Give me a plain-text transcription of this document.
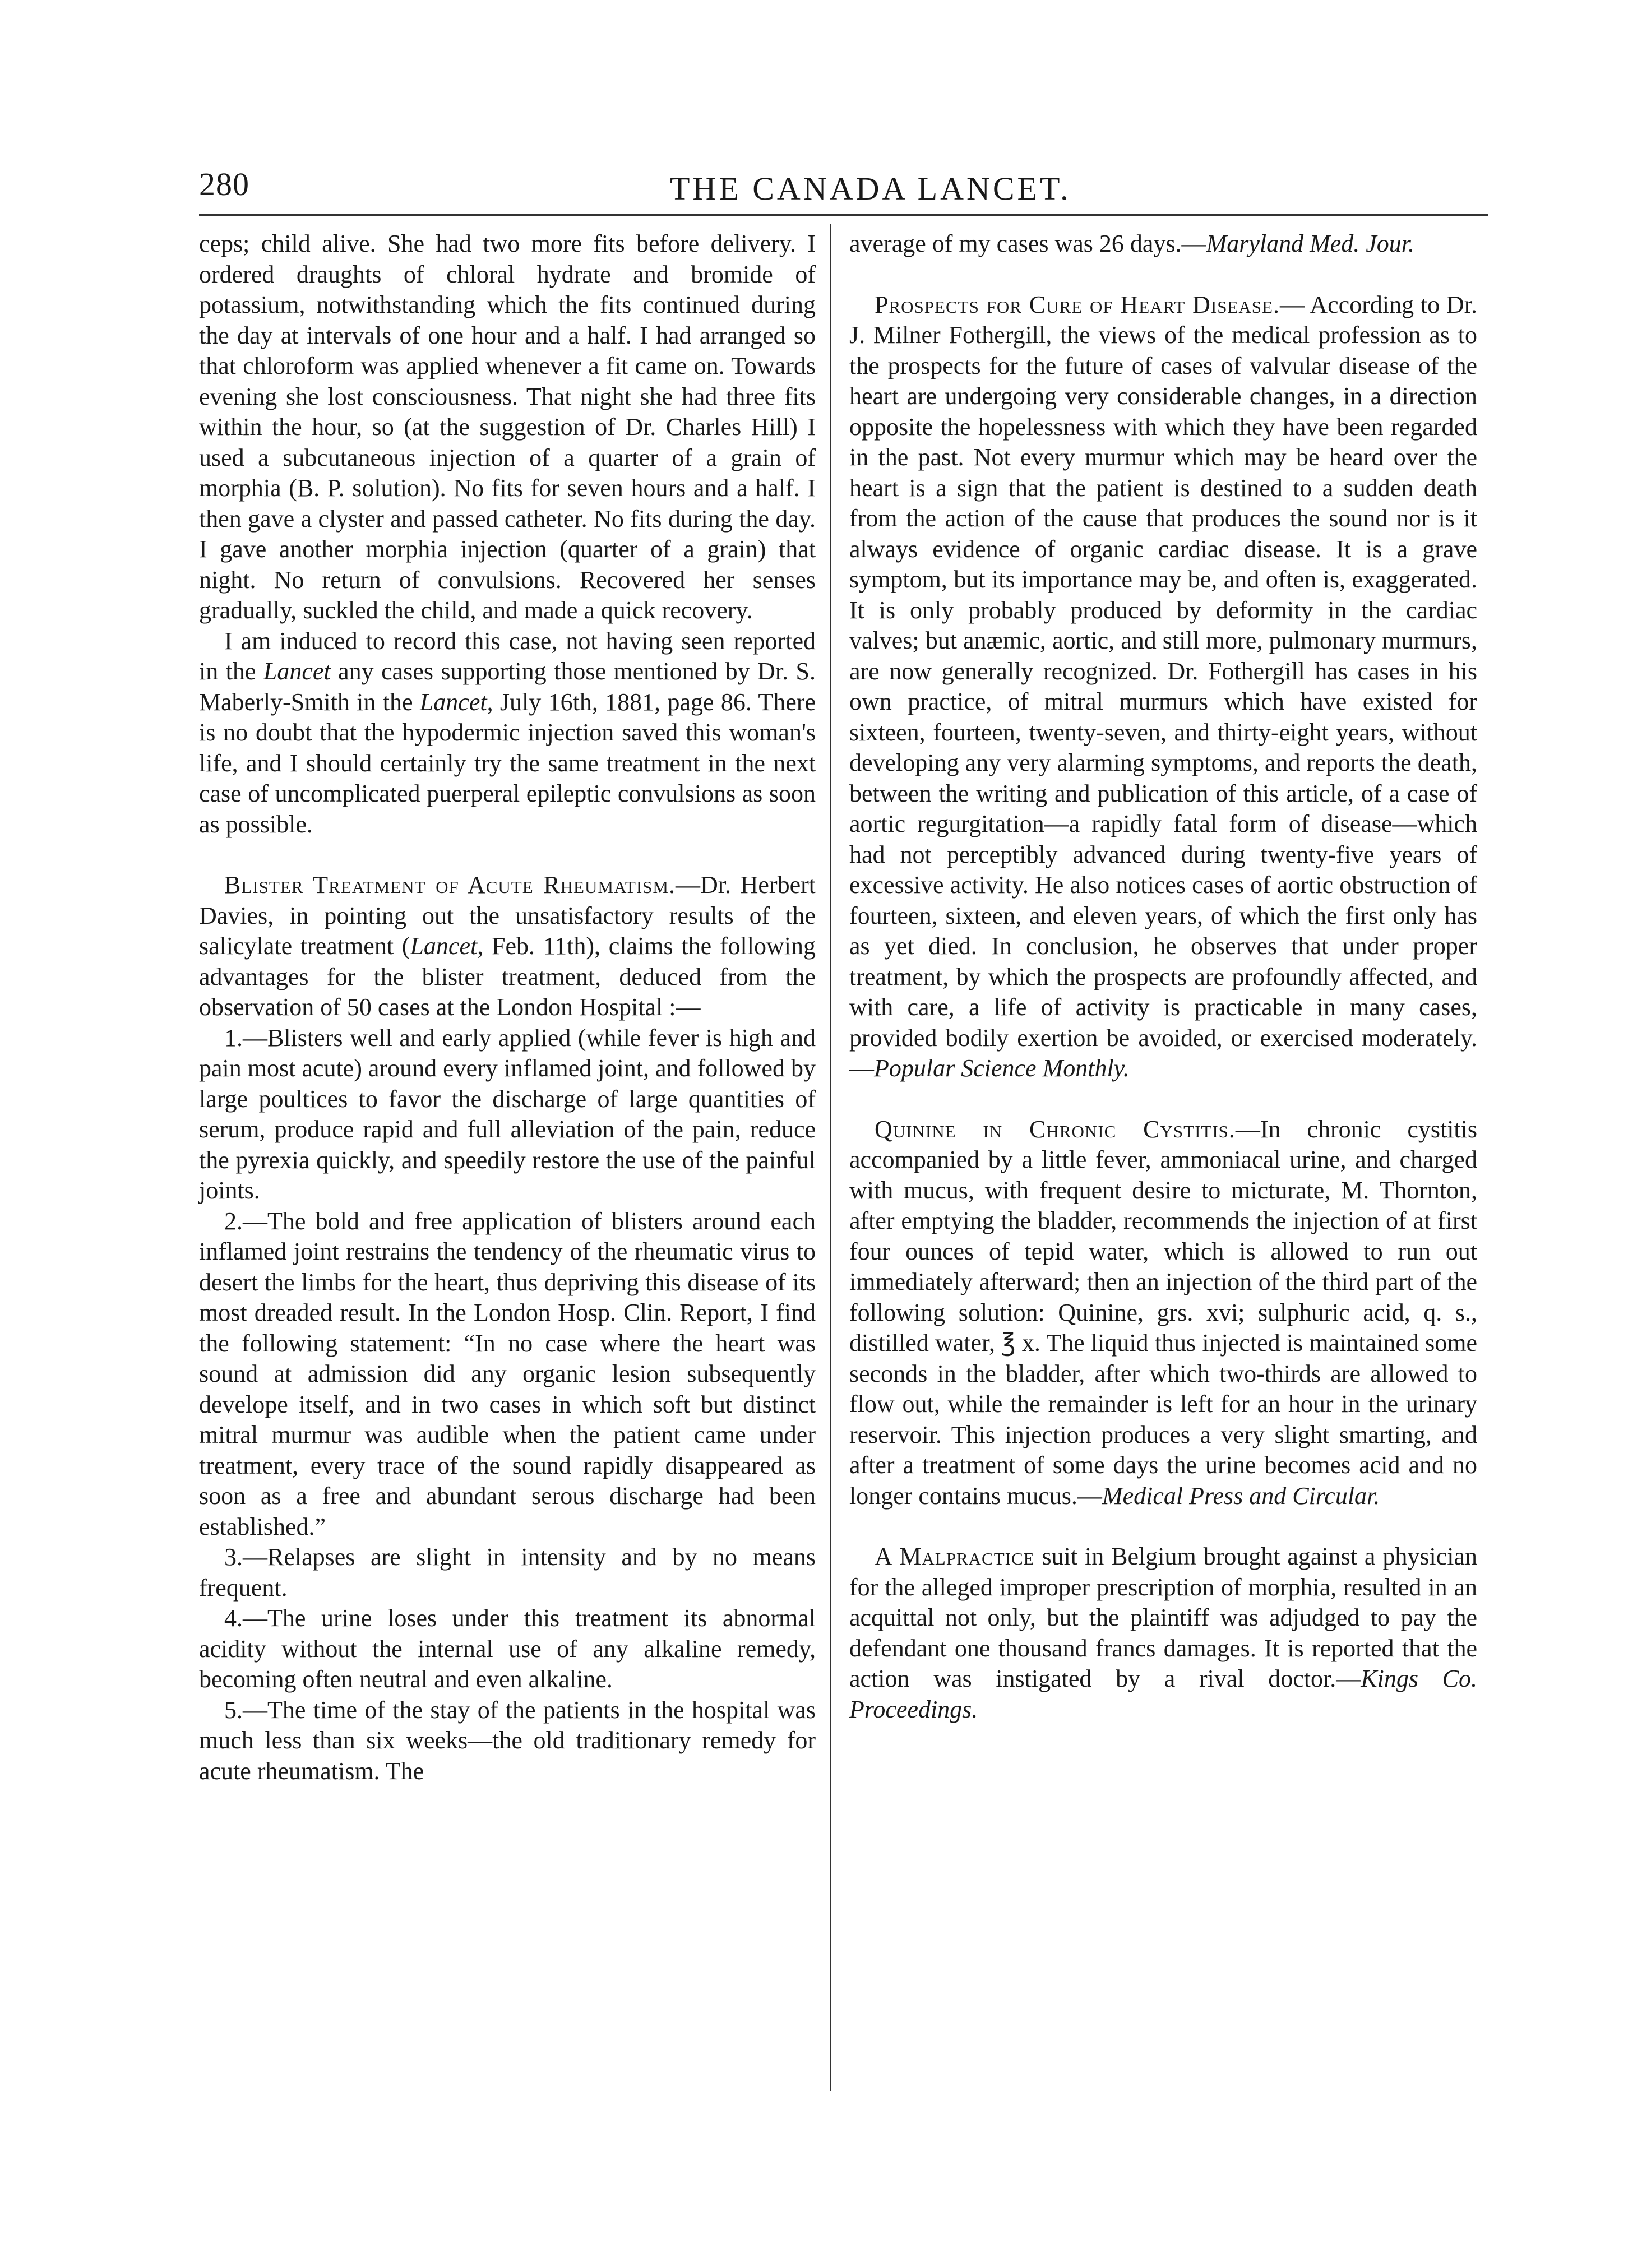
280	THE CANADA LANCET.

ceps; child alive. She had two more fits before delivery. I ordered draughts of chloral hydrate and bromide of potassium, notwithstanding which the fits continued during the day at intervals of one hour and a half. I had arranged so that chloroform was applied whenever a fit came on. Towards evening she lost consciousness. That night she had three fits within the hour, so (at the suggestion of Dr. Charles Hill) I used a subcutaneous injection of a quarter of a grain of morphia (B. P. solution). No fits for seven hours and a half. I then gave a clyster and passed catheter. No fits during the day. I gave another morphia injection (quarter of a grain) that night. No return of convulsions. Recovered her senses gradually, suckled the child, and made a quick recovery.

I am induced to record this case, not having seen reported in the Lancet any cases supporting those mentioned by Dr. S. Maberly-Smith in the Lancet, July 16th, 1881, page 86. There is no doubt that the hypodermic injection saved this woman's life, and I should certainly try the same treatment in the next case of uncomplicated puerperal epileptic convulsions as soon as possible.

Blister Treatment of Acute Rheumatism.—Dr. Herbert Davies, in pointing out the unsatisfactory results of the salicylate treatment (Lancet, Feb. 11th), claims the following advantages for the blister treatment, deduced from the observation of 50 cases at the London Hospital :—

1.—Blisters well and early applied (while fever is high and pain most acute) around every inflamed joint, and followed by large poultices to favor the discharge of large quantities of serum, produce rapid and full alleviation of the pain, reduce the pyrexia quickly, and speedily restore the use of the painful joints.

2.—The bold and free application of blisters around each inflamed joint restrains the tendency of the rheumatic virus to desert the limbs for the heart, thus depriving this disease of its most dreaded result. In the London Hosp. Clin. Report, I find the following statement: “In no case where the heart was sound at admission did any organic lesion subsequently develope itself, and in two cases in which soft but distinct mitral murmur was audible when the patient came under treatment, every trace of the sound rapidly disappeared as soon as a free and abundant serous discharge had been established.”

3.—Relapses are slight in intensity and by no means frequent.

4.—The urine loses under this treatment its abnormal acidity without the internal use of any alkaline remedy, becoming often neutral and even alkaline.

5.—The time of the stay of the patients in the hospital was much less than six weeks—the old traditionary remedy for acute rheumatism. The

average of my cases was 26 days.—Maryland Med. Jour.

Prospects for Cure of Heart Disease.— According to Dr. J. Milner Fothergill, the views of the medical profession as to the prospects for the future of cases of valvular disease of the heart are undergoing very considerable changes, in a direction opposite the hopelessness with which they have been regarded in the past. Not every murmur which may be heard over the heart is a sign that the patient is destined to a sudden death from the action of the cause that produces the sound nor is it always evidence of organic cardiac disease. It is a grave symptom, but its importance may be, and often is, exaggerated. It is only probably produced by deformity in the cardiac valves; but anæmic, aortic, and still more, pulmonary murmurs, are now generally recognized. Dr. Fothergill has cases in his own practice, of mitral murmurs which have existed for sixteen, fourteen, twenty-seven, and thirty-eight years, without developing any very alarming symptoms, and reports the death, between the writing and publication of this article, of a case of aortic regurgitation—a rapidly fatal form of disease—which had not perceptibly advanced during twenty-five years of excessive activity. He also notices cases of aortic obstruction of fourteen, sixteen, and eleven years, of which the first only has as yet died. In conclusion, he observes that under proper treatment, by which the prospects are profoundly affected, and with care, a life of activity is practicable in many cases, provided bodily exertion be avoided, or exercised moderately.—Popular Science Monthly.

Quinine in Chronic Cystitis.—In chronic cystitis accompanied by a little fever, ammoniacal urine, and charged with mucus, with frequent desire to micturate, M. Thornton, after emptying the bladder, recommends the injection of at first four ounces of tepid water, which is allowed to run out immediately afterward; then an injection of the third part of the following solution: Quinine, grs. xvi; sulphuric acid, q. s., distilled water, ℥ x. The liquid thus injected is maintained some seconds in the bladder, after which two-thirds are allowed to flow out, while the remainder is left for an hour in the urinary reservoir. This injection produces a very slight smarting, and after a treatment of some days the urine becomes acid and no longer contains mucus.—Medical Press and Circular.

A Malpractice suit in Belgium brought against a physician for the alleged improper prescription of morphia, resulted in an acquittal not only, but the plaintiff was adjudged to pay the defendant one thousand francs damages. It is reported that the action was instigated by a rival doctor.—Kings Co. Proceedings.
